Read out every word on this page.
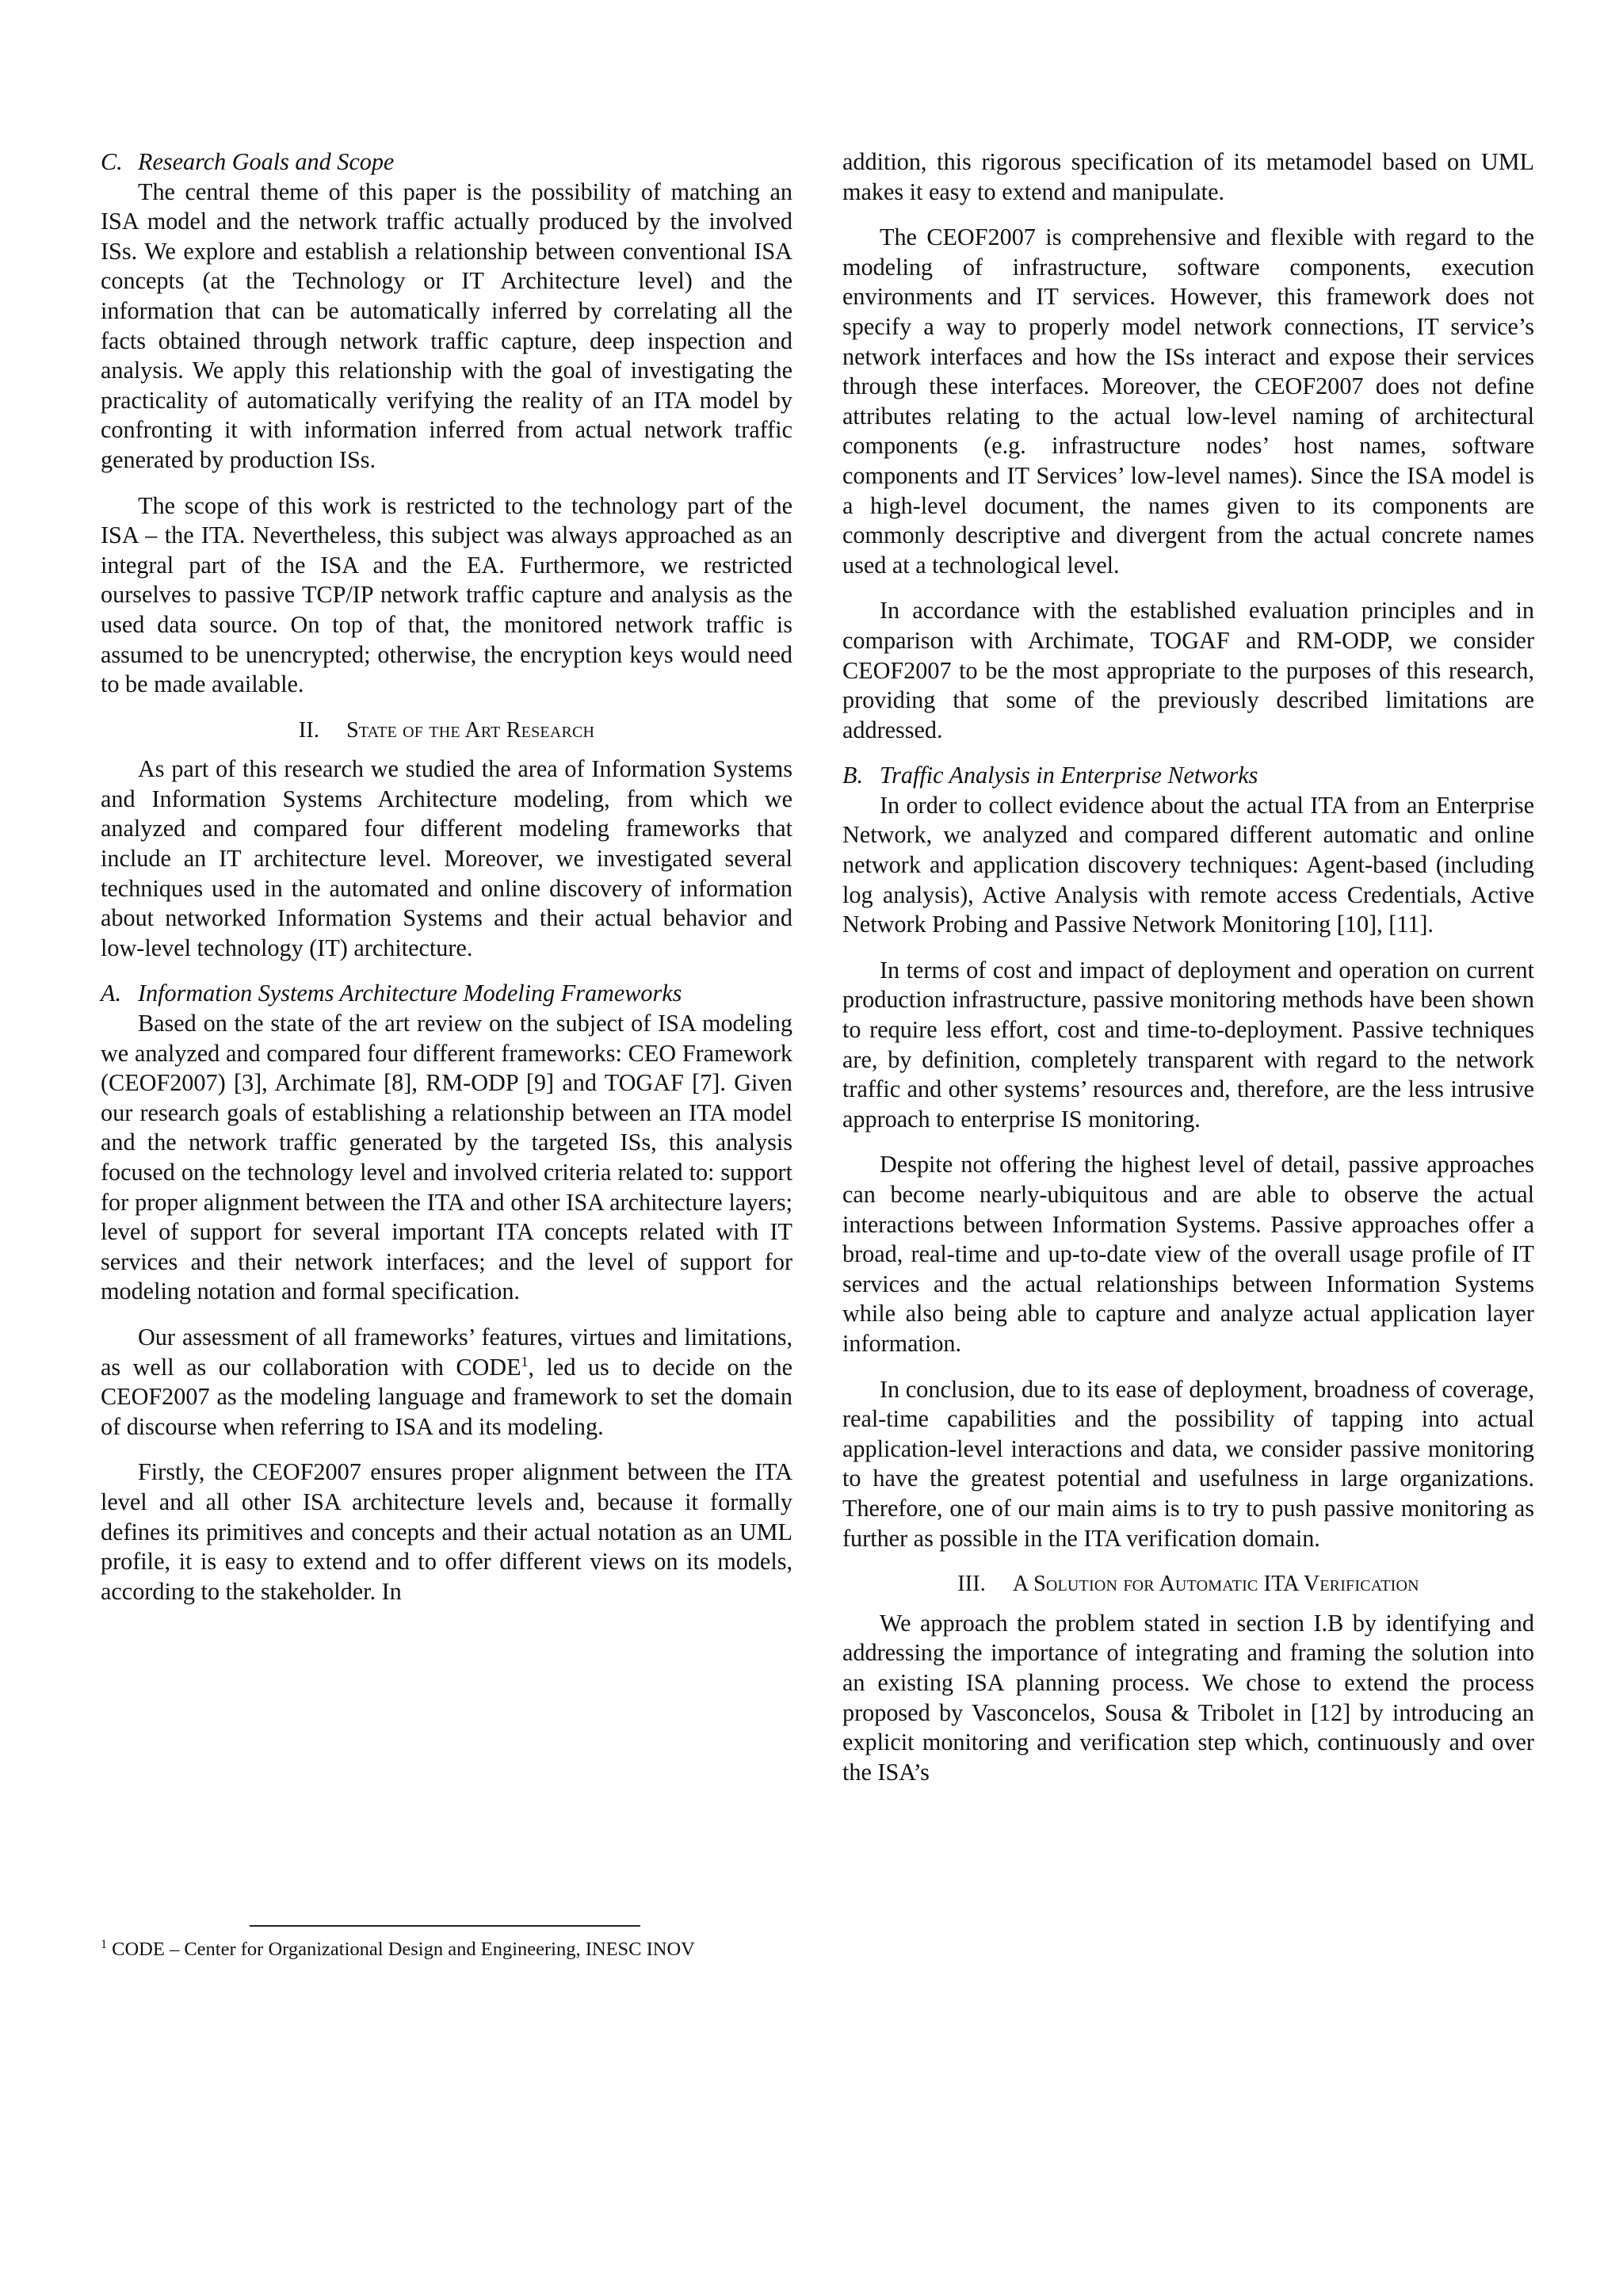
C. Research Goals and Scope

The central theme of this paper is the possibility of matching an ISA model and the network traffic actually produced by the involved ISs. We explore and establish a relationship between conventional ISA concepts (at the Technology or IT Architecture level) and the information that can be automatically inferred by correlating all the facts obtained through network traffic capture, deep inspection and analysis. We apply this relationship with the goal of investigating the practicality of automatically verifying the reality of an ITA model by confronting it with information inferred from actual network traffic generated by production ISs.

The scope of this work is restricted to the technology part of the ISA – the ITA. Nevertheless, this subject was always approached as an integral part of the ISA and the EA. Furthermore, we restricted ourselves to passive TCP/IP network traffic capture and analysis as the used data source. On top of that, the monitored network traffic is assumed to be unencrypted; otherwise, the encryption keys would need to be made available.

II. State of the Art Research

As part of this research we studied the area of Information Systems and Information Systems Architecture modeling, from which we analyzed and compared four different modeling frameworks that include an IT architecture level. Moreover, we investigated several techniques used in the automated and online discovery of information about networked Information Systems and their actual behavior and low-level technology (IT) architecture.

A. Information Systems Architecture Modeling Frameworks

Based on the state of the art review on the subject of ISA modeling we analyzed and compared four different frameworks: CEO Framework (CEOF2007) [3], Archimate [8], RM-ODP [9] and TOGAF [7]. Given our research goals of establishing a relationship between an ITA model and the network traffic generated by the targeted ISs, this analysis focused on the technology level and involved criteria related to: support for proper alignment between the ITA and other ISA architecture layers; level of support for several important ITA concepts related with IT services and their network interfaces; and the level of support for modeling notation and formal specification.

Our assessment of all frameworks’ features, virtues and limitations, as well as our collaboration with CODE$^1$, led us to decide on the CEOF2007 as the modeling language and framework to set the domain of discourse when referring to ISA and its modeling.

Firstly, the CEOF2007 ensures proper alignment between the ITA level and all other ISA architecture levels and, because it formally defines its primitives and concepts and their actual notation as an UML profile, it is easy to extend and to offer different views on its models, according to the stakeholder. In

$^1$ CODE – Center for Organizational Design and Engineering, INESC INOV

addition, this rigorous specification of its metamodel based on UML makes it easy to extend and manipulate.

The CEOF2007 is comprehensive and flexible with regard to the modeling of infrastructure, software components, execution environments and IT services. However, this framework does not specify a way to properly model network connections, IT service’s network interfaces and how the ISs interact and expose their services through these interfaces. Moreover, the CEOF2007 does not define attributes relating to the actual low-level naming of architectural components (e.g. infrastructure nodes’ host names, software components and IT Services’ low-level names). Since the ISA model is a high-level document, the names given to its components are commonly descriptive and divergent from the actual concrete names used at a technological level.

In accordance with the established evaluation principles and in comparison with Archimate, TOGAF and RM-ODP, we consider CEOF2007 to be the most appropriate to the purposes of this research, providing that some of the previously described limitations are addressed.

B. Traffic Analysis in Enterprise Networks

In order to collect evidence about the actual ITA from an Enterprise Network, we analyzed and compared different automatic and online network and application discovery techniques: Agent-based (including log analysis), Active Analysis with remote access Credentials, Active Network Probing and Passive Network Monitoring [10], [11].

In terms of cost and impact of deployment and operation on current production infrastructure, passive monitoring methods have been shown to require less effort, cost and time-to-deployment. Passive techniques are, by definition, completely transparent with regard to the network traffic and other systems’ resources and, therefore, are the less intrusive approach to enterprise IS monitoring.

Despite not offering the highest level of detail, passive approaches can become nearly-ubiquitous and are able to observe the actual interactions between Information Systems. Passive approaches offer a broad, real-time and up-to-date view of the overall usage profile of IT services and the actual relationships between Information Systems while also being able to capture and analyze actual application layer information.

In conclusion, due to its ease of deployment, broadness of coverage, real-time capabilities and the possibility of tapping into actual application-level interactions and data, we consider passive monitoring to have the greatest potential and usefulness in large organizations. Therefore, one of our main aims is to try to push passive monitoring as further as possible in the ITA verification domain.

III. A Solution for Automatic ITA Verification

We approach the problem stated in section I.B by identifying and addressing the importance of integrating and framing the solution into an existing ISA planning process. We chose to extend the process proposed by Vasconcelos, Sousa & Tribolet in [12] by introducing an explicit monitoring and verification step which, continuously and over the ISA’s
